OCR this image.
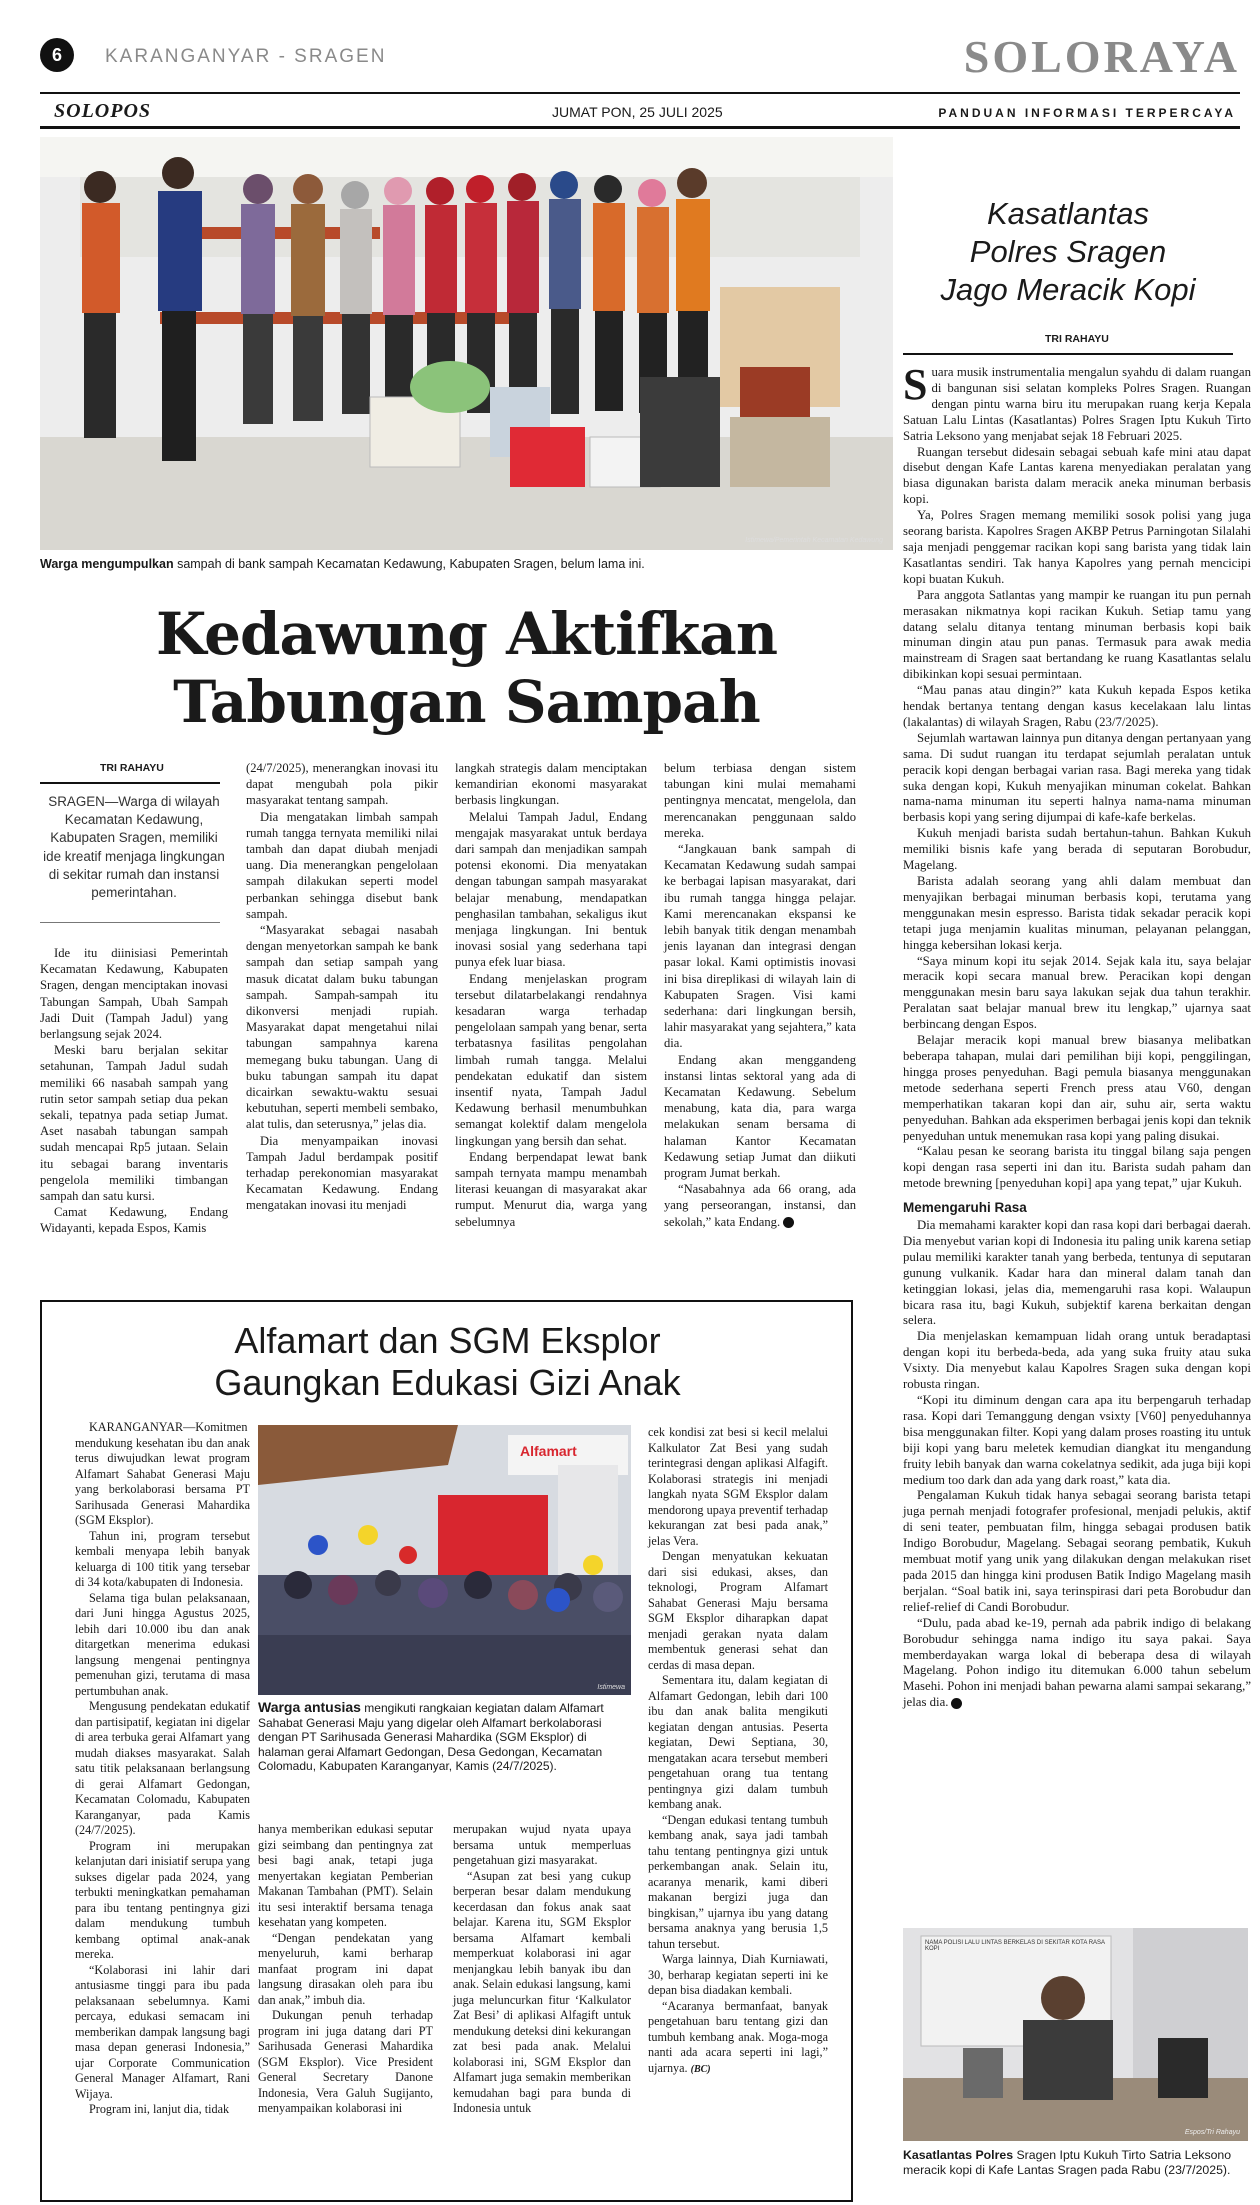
6	KARANGANYAR - SRAGEN	SOLORAYA
SOLOPOS	JUMAT PON, 25 JULI 2025	PANDUAN INFORMASI TERPERCAYA
Istimewa/Pemerintah Kecamatan Kedawung
Warga mengumpulkan sampah di bank sampah Kecamatan Kedawung, Kabupaten Sragen, belum lama ini.
Kedawung Aktifkan
Tabungan Sampah
TRI RAHAYU
SRAGEN—Warga di wilayah Kecamatan Kedawung, Kabupaten Sragen, memiliki ide kreatif menjaga lingkungan di sekitar rumah dan instansi pemerintahan.

Ide itu diinisiasi Pemerintah Kecamatan Kedawung, Kabupaten Sragen, dengan menciptakan inovasi Tabungan Sampah, Ubah Sampah Jadi Duit (Tampah Jadul) yang berlangsung sejak 2024.

Meski baru berjalan sekitar setahunan, Tampah Jadul sudah memiliki 66 nasabah sampah yang rutin setor sampah setiap dua pekan sekali, tepatnya pada setiap Jumat. Aset nasabah tabungan sampah sudah mencapai Rp5 jutaan. Selain itu sebagai barang inventaris pengelola memiliki timbangan sampah dan satu kursi.

Camat Kedawung, Endang Widayanti, kepada Espos, Kamis

(24/7/2025), menerangkan inovasi itu dapat mengubah pola pikir masyarakat tentang sampah.

Dia mengatakan limbah sampah rumah tangga ternyata memiliki nilai tambah dan dapat diubah menjadi uang. Dia menerangkan pengelolaan sampah dilakukan seperti model perbankan sehingga disebut bank sampah.

“Masyarakat sebagai nasabah dengan menyetorkan sampah ke bank sampah dan setiap sampah yang masuk dicatat dalam buku tabungan sampah. Sampah-sampah itu dikonversi menjadi rupiah. Masyarakat dapat mengetahui nilai tabungan sampahnya karena memegang buku tabungan. Uang di buku tabungan sampah itu dapat dicairkan sewaktu-waktu sesuai kebutuhan, seperti membeli sembako, alat tulis, dan seterusnya,” jelas dia.

Dia menyampaikan inovasi Tampah Jadul berdampak positif terhadap perekonomian masyarakat Kecamatan Kedawung. Endang mengatakan inovasi itu menjadi

langkah strategis dalam menciptakan kemandirian ekonomi masyarakat berbasis lingkungan.

Melalui Tampah Jadul, Endang mengajak masyarakat untuk berdaya dari sampah dan menjadikan sampah potensi ekonomi. Dia menyatakan dengan tabungan sampah masyarakat belajar menabung, mendapatkan penghasilan tambahan, sekaligus ikut menjaga lingkungan. Ini bentuk inovasi sosial yang sederhana tapi punya efek luar biasa.

Endang menjelaskan program tersebut dilatarbelakangi rendahnya kesadaran warga terhadap pengelolaan sampah yang benar, serta terbatasnya fasilitas pengolahan limbah rumah tangga. Melalui pendekatan edukatif dan sistem insentif nyata, Tampah Jadul Kedawung berhasil menumbuhkan semangat kolektif dalam mengelola lingkungan yang bersih dan sehat.

Endang berpendapat lewat bank sampah ternyata mampu menambah literasi keuangan di masyarakat akar rumput. Menurut dia, warga yang sebelumnya

belum terbiasa dengan sistem tabungan kini mulai memahami pentingnya mencatat, mengelola, dan merencanakan penggunaan saldo mereka.

“Jangkauan bank sampah di Kecamatan Kedawung sudah sampai ke berbagai lapisan masyarakat, dari ibu rumah tangga hingga pelajar. Kami merencanakan ekspansi ke lebih banyak titik dengan menambah jenis layanan dan integrasi dengan pasar lokal. Kami optimistis inovasi ini bisa direplikasi di wilayah lain di Kabupaten Sragen. Visi kami sederhana: dari lingkungan bersih, lahir masyarakat yang sejahtera,” kata dia.

Endang akan menggandeng instansi lintas sektoral yang ada di Kecamatan Kedawung. Sebelum menabung, kata dia, para warga melakukan senam bersama di halaman Kantor Kecamatan Kedawung setiap Jumat dan diikuti program Jumat berkah.

“Nasabahnya ada 66 orang, ada yang perseorangan, instansi, dan sekolah,” kata Endang.

Kasatlantas
Polres Sragen
Jago Meracik Kopi
TRI RAHAYU

Suara musik instrumentalia mengalun syahdu di dalam ruangan di bangunan sisi selatan kompleks Polres Sragen. Ruangan dengan pintu warna biru itu merupakan ruang kerja Kepala Satuan Lalu Lintas (Kasatlantas) Polres Sragen Iptu Kukuh Tirto Satria Leksono yang menjabat sejak 18 Februari 2025.

Ruangan tersebut didesain sebagai sebuah kafe mini atau dapat disebut dengan Kafe Lantas karena menyediakan peralatan yang biasa digunakan barista dalam meracik aneka minuman berbasis kopi.

Ya, Polres Sragen memang memiliki sosok polisi yang juga seorang barista. Kapolres Sragen AKBP Petrus Parningotan Silalahi saja menjadi penggemar racikan kopi sang barista yang tidak lain Kasatlantas sendiri. Tak hanya Kapolres yang pernah mencicipi kopi buatan Kukuh.

Para anggota Satlantas yang mampir ke ruangan itu pun pernah merasakan nikmatnya kopi racikan Kukuh. Setiap tamu yang datang selalu ditanya tentang minuman berbasis kopi baik minuman dingin atau pun panas. Termasuk para awak media mainstream di Sragen saat bertandang ke ruang Kasatlantas selalu dibikinkan kopi sesuai permintaan.

“Mau panas atau dingin?” kata Kukuh kepada Espos ketika hendak bertanya tentang dengan kasus kecelakaan lalu lintas (lakalantas) di wilayah Sragen, Rabu (23/7/2025).

Sejumlah wartawan lainnya pun ditanya dengan pertanyaan yang sama. Di sudut ruangan itu terdapat sejumlah peralatan untuk peracik kopi dengan berbagai varian rasa. Bagi mereka yang tidak suka dengan kopi, Kukuh menyajikan minuman cokelat. Bahkan nama-nama minuman itu seperti halnya nama-nama minuman berbasis kopi yang sering dijumpai di kafe-kafe berkelas.

Kukuh menjadi barista sudah bertahun-tahun. Bahkan Kukuh memiliki bisnis kafe yang berada di seputaran Borobudur, Magelang.

Barista adalah seorang yang ahli dalam membuat dan menyajikan berbagai minuman berbasis kopi, terutama yang menggunakan mesin espresso. Barista tidak sekadar peracik kopi tetapi juga menjamin kualitas minuman, pelayanan pelanggan, hingga kebersihan lokasi kerja.

“Saya minum kopi itu sejak 2014. Sejak kala itu, saya belajar meracik kopi secara manual brew. Peracikan kopi dengan menggunakan mesin baru saya lakukan sejak dua tahun terakhir. Peralatan saat belajar manual brew itu lengkap,” ujarnya saat berbincang dengan Espos.

Belajar meracik kopi manual brew biasanya melibatkan beberapa tahapan, mulai dari pemilihan biji kopi, penggilingan, hingga proses penyeduhan. Bagi pemula biasanya menggunakan metode sederhana seperti French press atau V60, dengan memperhatikan takaran kopi dan air, suhu air, serta waktu penyeduhan. Bahkan ada eksperimen berbagai jenis kopi dan teknik penyeduhan untuk menemukan rasa kopi yang paling disukai.

“Kalau pesan ke seorang barista itu tinggal bilang saja pengen kopi dengan rasa seperti ini dan itu. Barista sudah paham dan metode brewning [penyeduhan kopi] apa yang tepat,” ujar Kukuh.

Memengaruhi Rasa

Dia memahami karakter kopi dan rasa kopi dari berbagai daerah. Dia menyebut varian kopi di Indonesia itu paling unik karena setiap pulau memiliki karakter tanah yang berbeda, tentunya di seputaran gunung vulkanik. Kadar hara dan mineral dalam tanah dan ketinggian lokasi, jelas dia, memengaruhi rasa kopi. Walaupun bicara rasa itu, bagi Kukuh, subjektif karena berkaitan dengan selera.

Dia menjelaskan kemampuan lidah orang untuk beradaptasi dengan kopi itu berbeda-beda, ada yang suka fruity atau suka Vsixty. Dia menyebut kalau Kapolres Sragen suka dengan kopi robusta ringan.

“Kopi itu diminum dengan cara apa itu berpengaruh terhadap rasa. Kopi dari Temanggung dengan vsixty [V60] penyeduhannya bisa menggunakan filter. Kopi yang dalam proses roasting itu untuk biji kopi yang baru meletek kemudian diangkat itu mengandung fruity lebih banyak dan warna cokelatnya sedikit, ada juga biji kopi medium too dark dan ada yang dark roast,” kata dia.

Pengalaman Kukuh tidak hanya sebagai seorang barista tetapi juga pernah menjadi fotografer profesional, menjadi pelukis, aktif di seni teater, pembuatan film, hingga sebagai produsen batik Indigo Borobudur, Magelang. Sebagai seorang pembatik, Kukuh membuat motif yang unik yang dilakukan dengan melakukan riset pada 2015 dan hingga kini produsen Batik Indigo Magelang masih berjalan. “Soal batik ini, saya terinspirasi dari peta Borobudur dan relief-relief di Candi Borobudur.

“Dulu, pada abad ke-19, pernah ada pabrik indigo di belakang Borobudur sehingga nama indigo itu saya pakai. Saya memberdayakan warga lokal di beberapa desa di wilayah Magelang. Pohon indigo itu ditemukan 6.000 tahun sebelum Masehi. Pohon ini menjadi bahan pewarna alami sampai sekarang,” jelas dia.

NAMA POLISI LALU LINTAS BERKELAS DI SEKITAR KOTA RASA KOPI
Espos/Tri Rahayu
Kasatlantas Polres Sragen Iptu Kukuh Tirto Satria Leksono meracik kopi di Kafe Lantas Sragen pada Rabu (23/7/2025).
Alfamart dan SGM Eksplor
Gaungkan Edukasi Gizi Anak

KARANGANYAR—Komitmen mendukung kesehatan ibu dan anak terus diwujudkan lewat program Alfamart Sahabat Generasi Maju yang berkolaborasi bersama PT Sarihusada Generasi Mahardika (SGM Eksplor).

Tahun ini, program tersebut kembali menyapa lebih banyak keluarga di 100 titik yang tersebar di 34 kota/kabupaten di Indonesia.

Selama tiga bulan pelaksanaan, dari Juni hingga Agustus 2025, lebih dari 10.000 ibu dan anak ditargetkan menerima edukasi langsung mengenai pentingnya pemenuhan gizi, terutama di masa pertumbuhan anak.

Mengusung pendekatan edukatif dan partisipatif, kegiatan ini digelar di area terbuka gerai Alfamart yang mudah diakses masyarakat. Salah satu titik pelaksanaan berlangsung di gerai Alfamart Gedongan, Kecamatan Colomadu, Kabupaten Karanganyar, pada Kamis (24/7/2025).

Program ini merupakan kelanjutan dari inisiatif serupa yang sukses digelar pada 2024, yang terbukti meningkatkan pemahaman para ibu tentang pentingnya gizi dalam mendukung tumbuh kembang optimal anak-anak mereka.

“Kolaborasi ini lahir dari antusiasme tinggi para ibu pada pelaksanaan sebelumnya. Kami percaya, edukasi semacam ini memberikan dampak langsung bagi masa depan generasi Indonesia,” ujar Corporate Communication General Manager Alfamart, Rani Wijaya.

Program ini, lanjut dia, tidak

Alfamart
Istimewa
Warga antusias mengikuti rangkaian kegiatan dalam Alfamart Sahabat Generasi Maju yang digelar oleh Alfamart berkolaborasi dengan PT Sarihusada Generasi Mahardika (SGM Eksplor) di halaman gerai Alfamart Gedongan, Desa Gedongan, Kecamatan Colomadu, Kabupaten Karanganyar, Kamis (24/7/2025).

hanya memberikan edukasi seputar gizi seimbang dan pentingnya zat besi bagi anak, tetapi juga menyertakan kegiatan Pemberian Makanan Tambahan (PMT). Selain itu sesi interaktif bersama tenaga kesehatan yang kompeten.

“Dengan pendekatan yang menyeluruh, kami berharap manfaat program ini dapat langsung dirasakan oleh para ibu dan anak,” imbuh dia.

Dukungan penuh terhadap program ini juga datang dari PT Sarihusada Generasi Mahardika (SGM Eksplor). Vice President General Secretary Danone Indonesia, Vera Galuh Sugijanto, menyampaikan kolaborasi ini

merupakan wujud nyata upaya bersama untuk memperluas pengetahuan gizi masyarakat.

“Asupan zat besi yang cukup berperan besar dalam mendukung kecerdasan dan fokus anak saat belajar. Karena itu, SGM Eksplor bersama Alfamart kembali memperkuat kolaborasi ini agar menjangkau lebih banyak ibu dan anak. Selain edukasi langsung, kami juga meluncurkan fitur ‘Kalkulator Zat Besi’ di aplikasi Alfagift untuk mendukung deteksi dini kekurangan zat besi pada anak. Melalui kolaborasi ini, SGM Eksplor dan Alfamart juga semakin memberikan kemudahan bagi para bunda di Indonesia untuk

cek kondisi zat besi si kecil melalui Kalkulator Zat Besi yang sudah terintegrasi dengan aplikasi Alfagift. Kolaborasi strategis ini menjadi langkah nyata SGM Eksplor dalam mendorong upaya preventif terhadap kekurangan zat besi pada anak,” jelas Vera.

Dengan menyatukan kekuatan dari sisi edukasi, akses, dan teknologi, Program Alfamart Sahabat Generasi Maju bersama SGM Eksplor diharapkan dapat menjadi gerakan nyata dalam membentuk generasi sehat dan cerdas di masa depan.

Sementara itu, dalam kegiatan di Alfamart Gedongan, lebih dari 100 ibu dan anak balita mengikuti kegiatan dengan antusias. Peserta kegiatan, Dewi Septiana, 30, mengatakan acara tersebut memberi pengetahuan orang tua tentang pentingnya gizi dalam tumbuh kembang anak.

“Dengan edukasi tentang tumbuh kembang anak, saya jadi tambah tahu tentang pentingnya gizi untuk perkembangan anak. Selain itu, acaranya menarik, kami diberi makanan bergizi juga dan bingkisan,” ujarnya ibu yang datang bersama anaknya yang berusia 1,5 tahun tersebut.

Warga lainnya, Diah Kurniawati, 30, berharap kegiatan seperti ini ke depan bisa diadakan kembali.

“Acaranya bermanfaat, banyak pengetahuan baru tentang gizi dan tumbuh kembang anak. Moga-moga nanti ada acara seperti ini lagi,” ujarnya. (BC)
